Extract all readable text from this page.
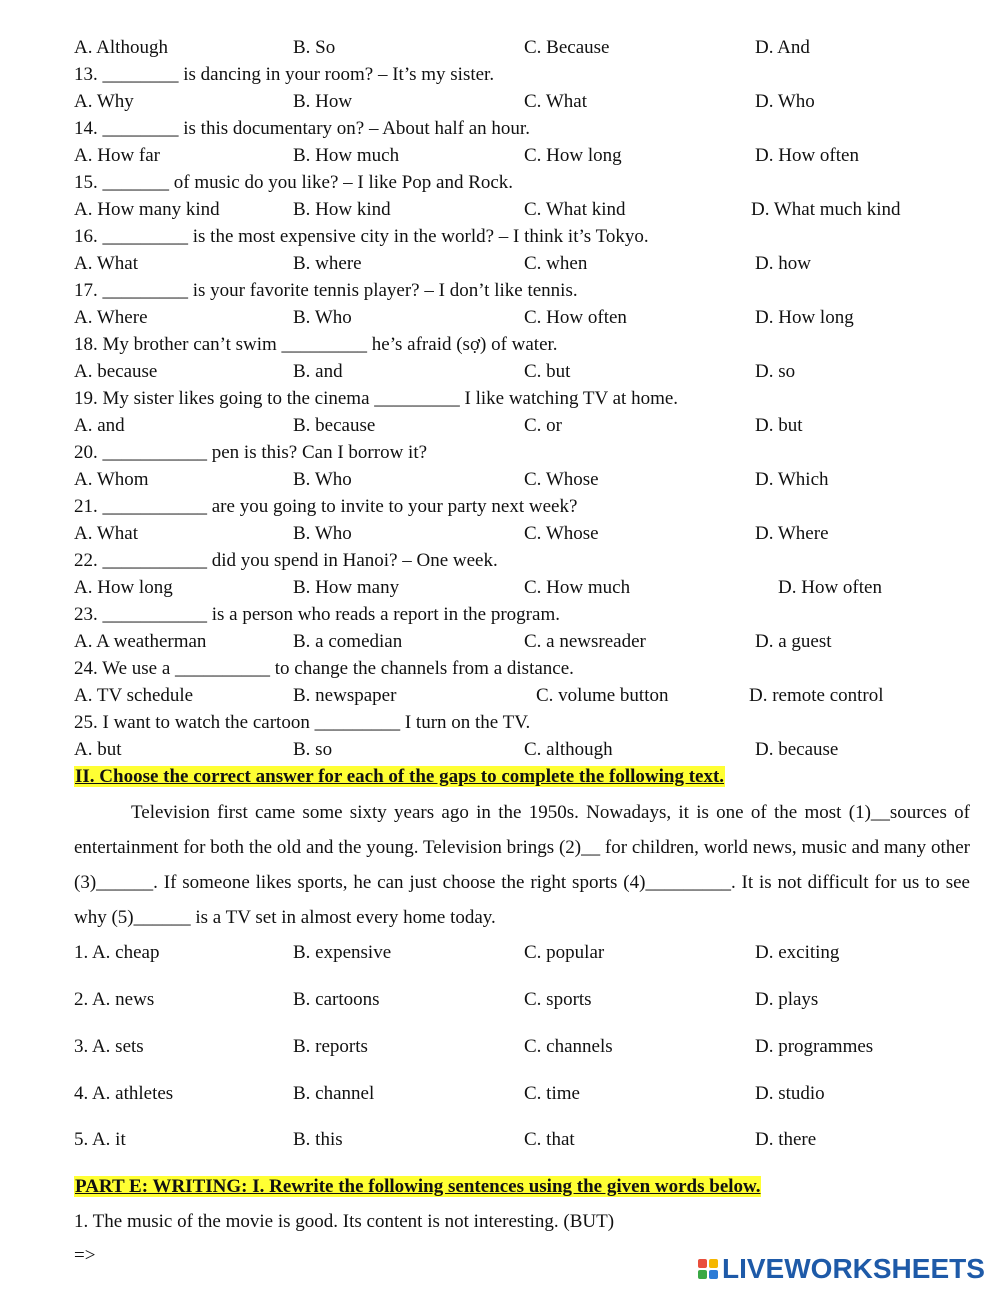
A. Although	B. So	C. Because	D. And
13. ________ is dancing in your room? – It’s my sister.
A. Why	B. How	C. What	D. Who
14. ________ is this documentary on? – About half an hour.
A. How far	B. How much	C. How long	D. How often
15. _______ of music do you like? – I like Pop and Rock.
A. How many kind	B. How kind	C. What kind	D. What much kind
16. _________ is the most expensive city in the world? – I think it’s Tokyo.
A. What	B. where	C. when	D. how
17. _________ is your favorite tennis player? – I don’t like tennis.
A. Where	B. Who	C. How often	D. How long
18. My brother can’t swim _________ he’s afraid (sợ) of water.
A. because	B. and	C. but	D. so
19. My sister likes going to the cinema _________ I like watching TV at home.
A. and	B. because	C. or	D. but
20. ___________ pen is this? Can I borrow it?
A. Whom	B. Who	C. Whose	D. Which
21. ___________ are you going to invite to your party next week?
A. What	B. Who	C. Whose	D. Where
22. ___________ did you spend in Hanoi? – One week.
A. How long	B. How many	C. How much	D. How often
23. ___________ is a person who reads a report in the program.
A. A weatherman	B. a comedian	C. a newsreader	D. a guest
24. We use a __________ to change the channels from a distance.
A. TV schedule	B. newspaper	C. volume button	D. remote control
25. I want to watch the cartoon _________ I turn on the TV.
A. but	B. so	C. although	D. because
II. Choose the correct answer for each of the gaps to complete the following text.
1. A. cheap	B. expensive	C. popular	D. exciting
2. A. news	B. cartoons	C. sports	D. plays
3. A. sets	B. reports	C. channels	D. programmes
4. A. athletes	B. channel	C. time	D. studio
5. A. it	B. this	C. that	D. there
PART E: WRITING: I. Rewrite the following sentences using the given words below.
1. The music of the movie is good. Its content is not interesting. (BUT)
=>
Television first came some sixty years ago in the 1950s. Nowadays, it is one of the most (1)__sources of entertainment for both the old and the young. Television brings (2)__ for children, world news, music and many other (3)______. If someone likes sports, he can just choose the right sports (4)_________. It is not difficult for us to see why (5)______ is a TV set in almost every home today.
LIVEWORKSHEETS
